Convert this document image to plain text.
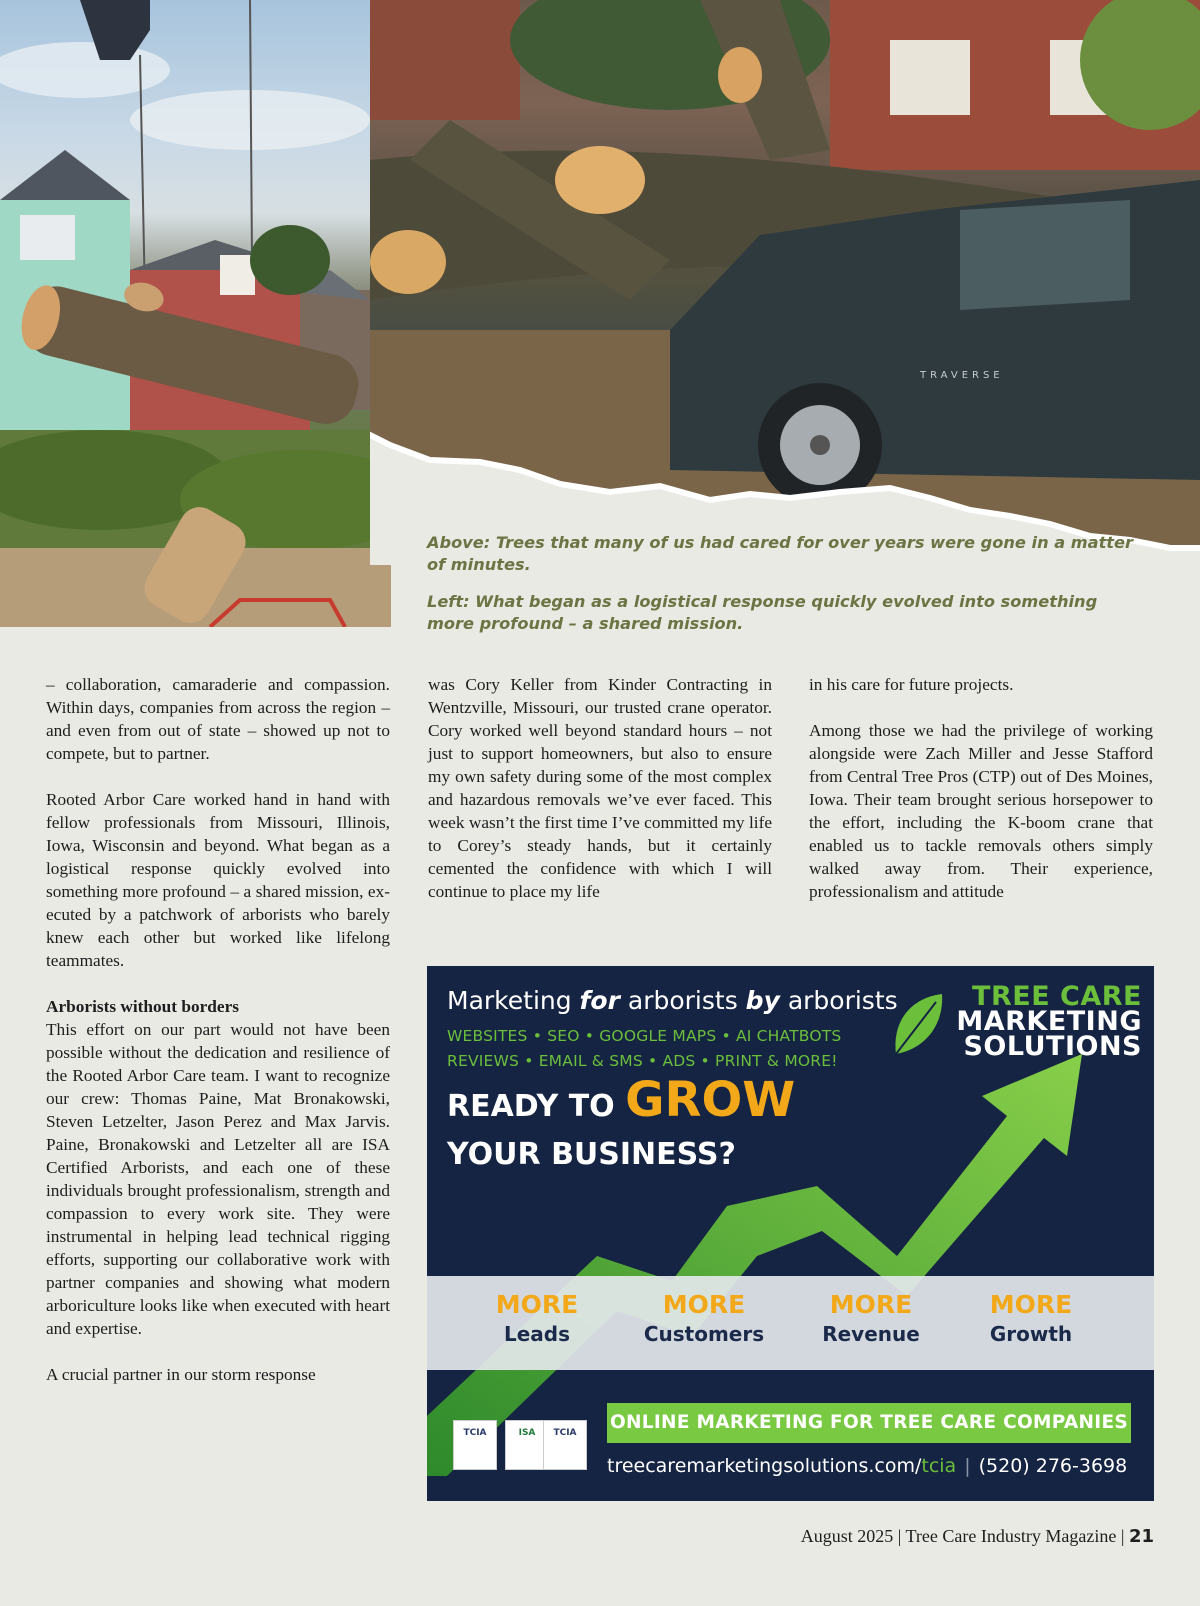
TRAVERSE
Above: Trees that many of us had cared for over years were gone in a matter of minutes.
Left: What began as a logistical response quickly evolved into something more profound – a shared mission.

– collaboration, camaraderie and compassion. Within days, companies from across the region – and even from out of state – showed up not to compete, but to partner.

Rooted Arbor Care worked hand in hand with fellow professionals from Missouri, Illinois, Iowa, Wisconsin and beyond. What began as a logistical response quickly evolved into something more profound – a shared mission, executed by a patchwork of arborists who barely knew each other but worked like lifelong teammates.

Arborists without borders

This effort on our part would not have been possible without the dedication and resilience of the Rooted Arbor Care team. I want to recognize our crew: Thomas Paine, Mat Bronakowski, Steven Letzelter, Jason Perez and Max Jarvis. Paine, Bronakowski and Letzelter all are ISA Certified Arborists, and each one of these individuals brought professionalism, strength and compassion to every work site. They were instrumental in helping lead technical rigging efforts, supporting our collaborative work with partner companies and showing what modern arboriculture looks like when executed with heart and expertise.

A crucial partner in our storm response

was Cory Keller from Kinder Contracting in Wentzville, Missouri, our trusted crane operator. Cory worked well beyond standard hours – not just to support homeowners, but also to ensure my own safety during some of the most complex and hazardous removals we’ve ever faced. This week wasn’t the first time I’ve committed my life to Corey’s steady hands, but it certainly cemented the confidence with which I will continue to place my life

in his care for future projects.

Among those we had the privilege of working alongside were Zach Miller and Jesse Stafford from Central Tree Pros (CTP) out of Des Moines, Iowa. Their team brought serious horsepower to the effort, including the K-boom crane that enabled us to tackle removals others simply walked away from. Their experience, professionalism and attitude

Marketing for arborists by arborists
WEBSITES • SEO • GOOGLE MAPS • AI CHATBOTS
REVIEWS • EMAIL & SMS • ADS • PRINT & MORE!
TREE CARE
MARKETING
SOLUTIONS
READY TO GROW
YOUR BUSINESS?
MORE
Leads
MORE
Customers
MORE
Revenue
MORE
Growth
TCIA	ISA	TCIA	ONLINE MARKETING FOR TREE CARE COMPANIES
treecaremarketingsolutions.com/tcia | (520) 276-3698
August 2025 | Tree Care Industry Magazine | 21
